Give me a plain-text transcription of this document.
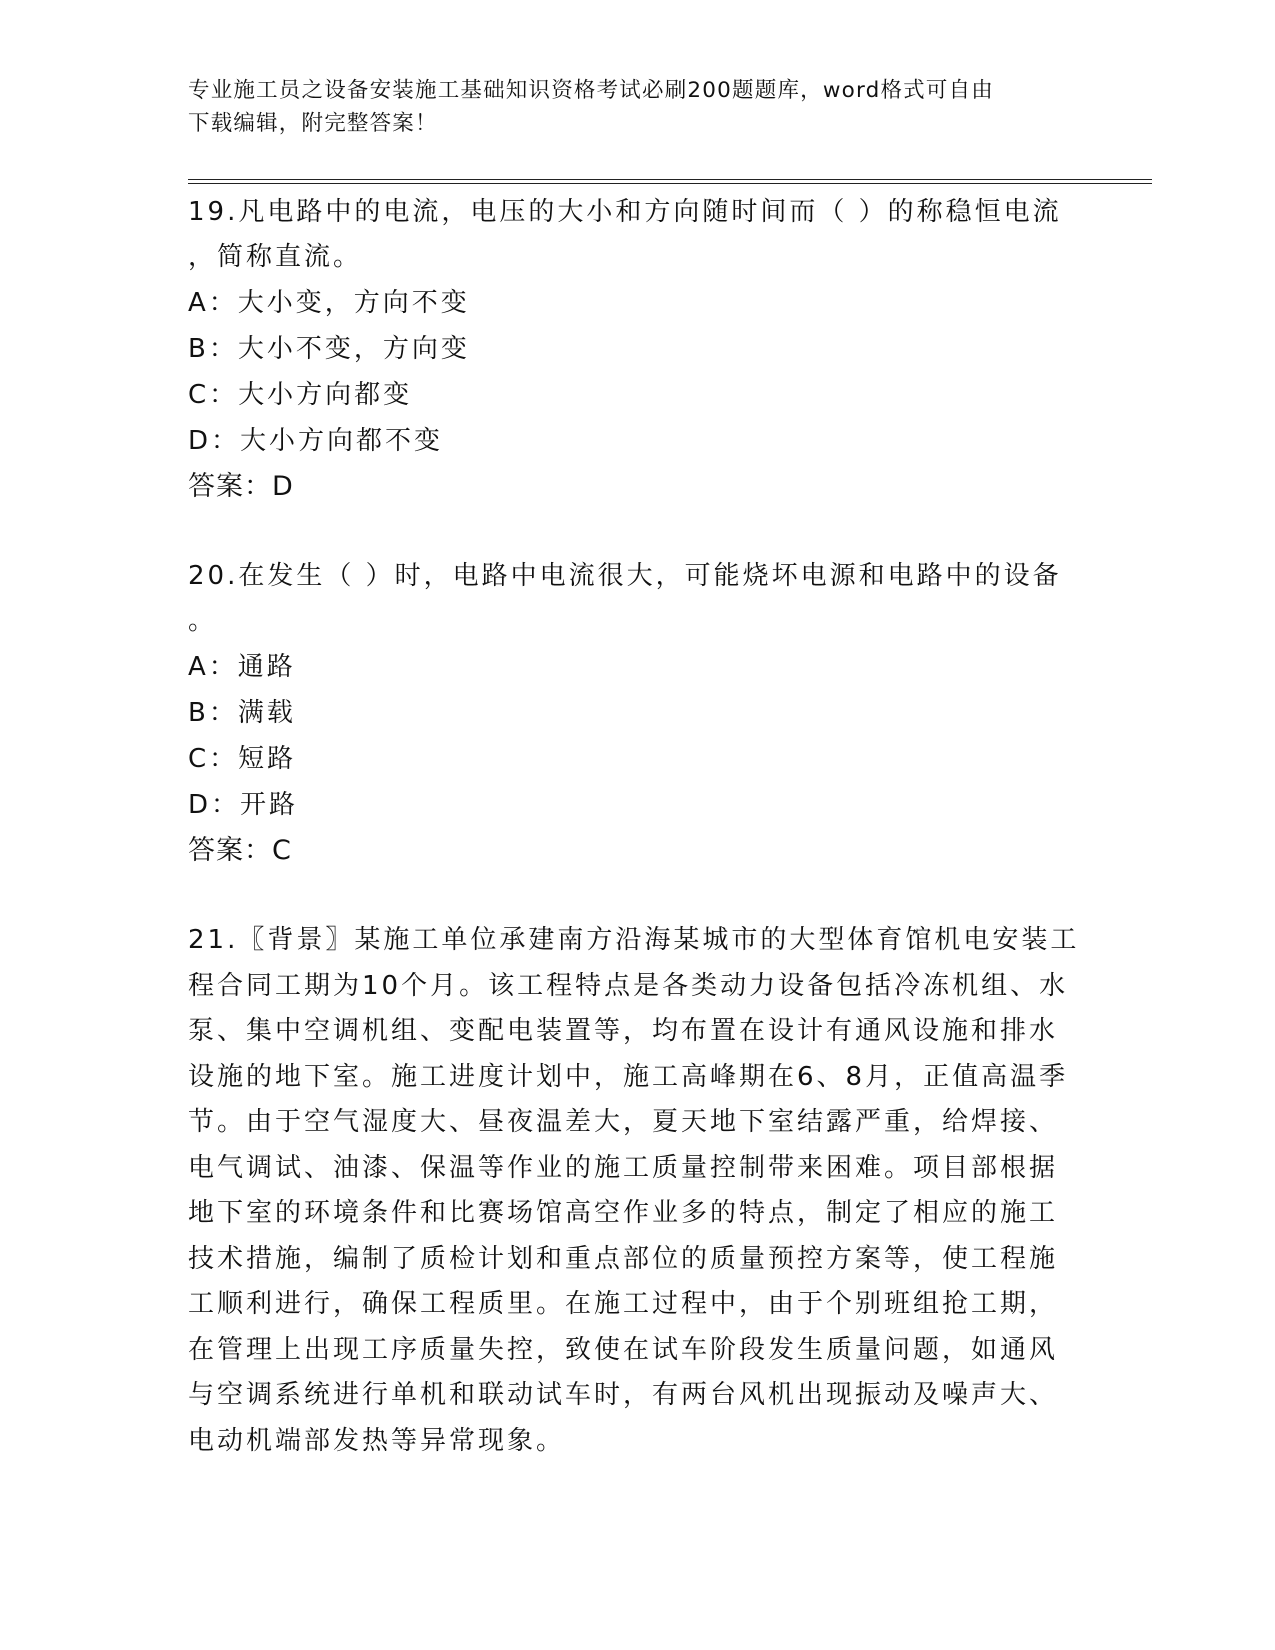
专业施工员之设备安装施工基础知识资格考试必刷200题题库，word格式可自由
下载编辑，附完整答案！
19.凡电路中的电流，电压的大小和方向随时间而（ ）的称稳恒电流
，简称直流。
A：大小变，方向不变
B：大小不变，方向变
C：大小方向都变
D：大小方向都不变
答案：D
20.在发生（ ）时，电路中电流很大，可能烧坏电源和电路中的设备
。
A：通路
B：满载
C：短路
D：开路
答案：C
21.〖背景〗某施工单位承建南方沿海某城市的大型体育馆机电安装工
程合同工期为10个月。该工程特点是各类动力设备包括冷冻机组、水
泵、集中空调机组、变配电装置等，均布置在设计有通风设施和排水
设施的地下室。施工进度计划中，施工高峰期在6、8月，正值高温季
节。由于空气湿度大、昼夜温差大，夏天地下室结露严重，给焊接、
电气调试、油漆、保温等作业的施工质量控制带来困难。项目部根据
地下室的环境条件和比赛场馆高空作业多的特点，制定了相应的施工
技术措施，编制了质检计划和重点部位的质量预控方案等，使工程施
工顺利进行，确保工程质里。在施工过程中，由于个别班组抢工期，
在管理上出现工序质量失控，致使在试车阶段发生质量问题，如通风
与空调系统进行单机和联动试车时，有两台风机出现振动及噪声大、
电动机端部发热等异常现象。
